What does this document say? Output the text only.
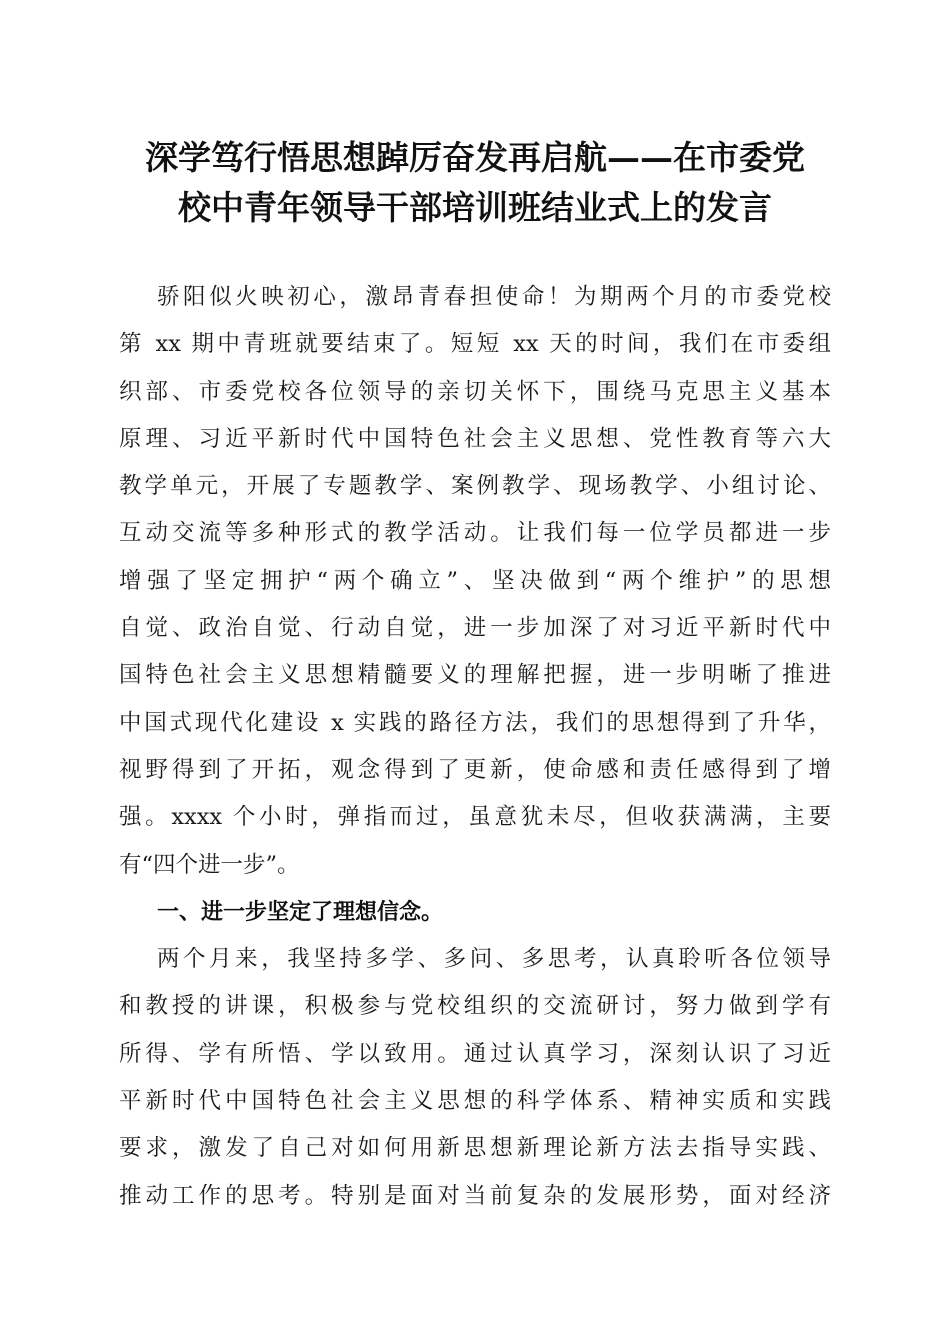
深学笃行悟思想踔厉奋发再启航——在市委党
校中青年领导干部培训班结业式上的发言
骄阳似火映初心，激昂青春担使命！为期两个月的市委党校
第 xx 期中青班就要结束了。短短 xx 天的时间，我们在市委组
织部、市委党校各位领导的亲切关怀下，围绕马克思主义基本
原理、习近平新时代中国特色社会主义思想、党性教育等六大
教学单元，开展了专题教学、案例教学、现场教学、小组讨论、
互动交流等多种形式的教学活动。让我们每一位学员都进一步
增强了坚定拥护“两个确立”、坚决做到“两个维护”的思想
自觉、政治自觉、行动自觉，进一步加深了对习近平新时代中
国特色社会主义思想精髓要义的理解把握，进一步明晰了推进
中国式现代化建设 x 实践的路径方法，我们的思想得到了升华，
视野得到了开拓，观念得到了更新，使命感和责任感得到了增
强。xxxx 个小时，弹指而过，虽意犹未尽，但收获满满，主要
有“四个进一步”。
一、进一步坚定了理想信念。
两个月来，我坚持多学、多问、多思考，认真聆听各位领导
和教授的讲课，积极参与党校组织的交流研讨，努力做到学有
所得、学有所悟、学以致用。通过认真学习，深刻认识了习近
平新时代中国特色社会主义思想的科学体系、精神实质和实践
要求，激发了自己对如何用新思想新理论新方法去指导实践、
推动工作的思考。特别是面对当前复杂的发展形势，面对经济
